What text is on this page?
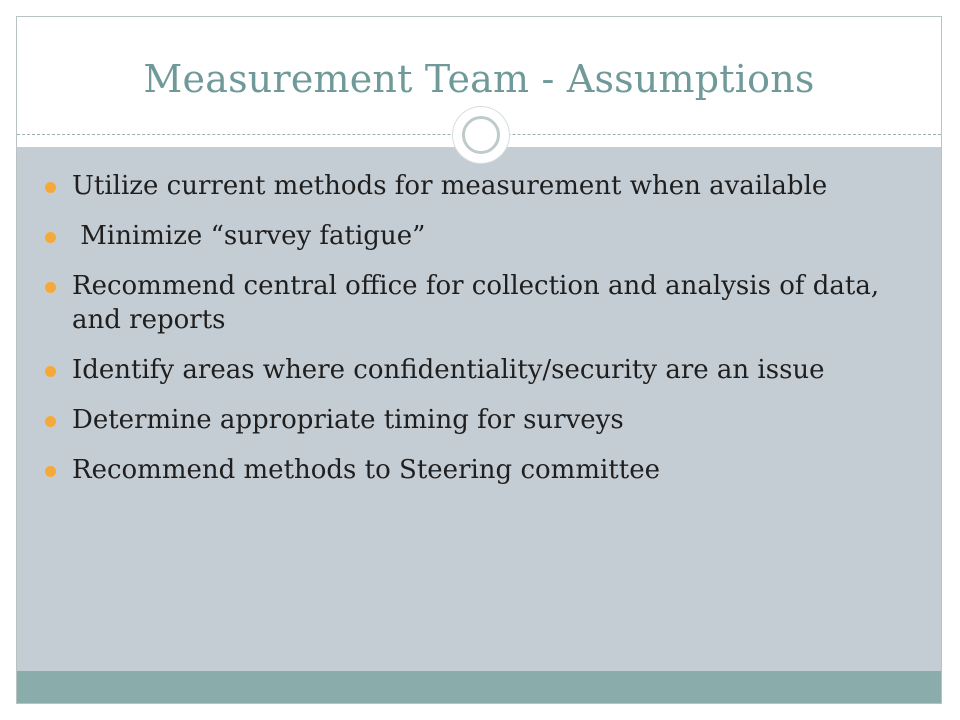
Measurement Team - Assumptions
Utilize current methods for measurement when available
Minimize “survey fatigue”
Recommend central office for collection and analysis of data, and reports
Identify areas where confidentiality/security are an issue
Determine appropriate timing for surveys
Recommend methods to Steering committee
